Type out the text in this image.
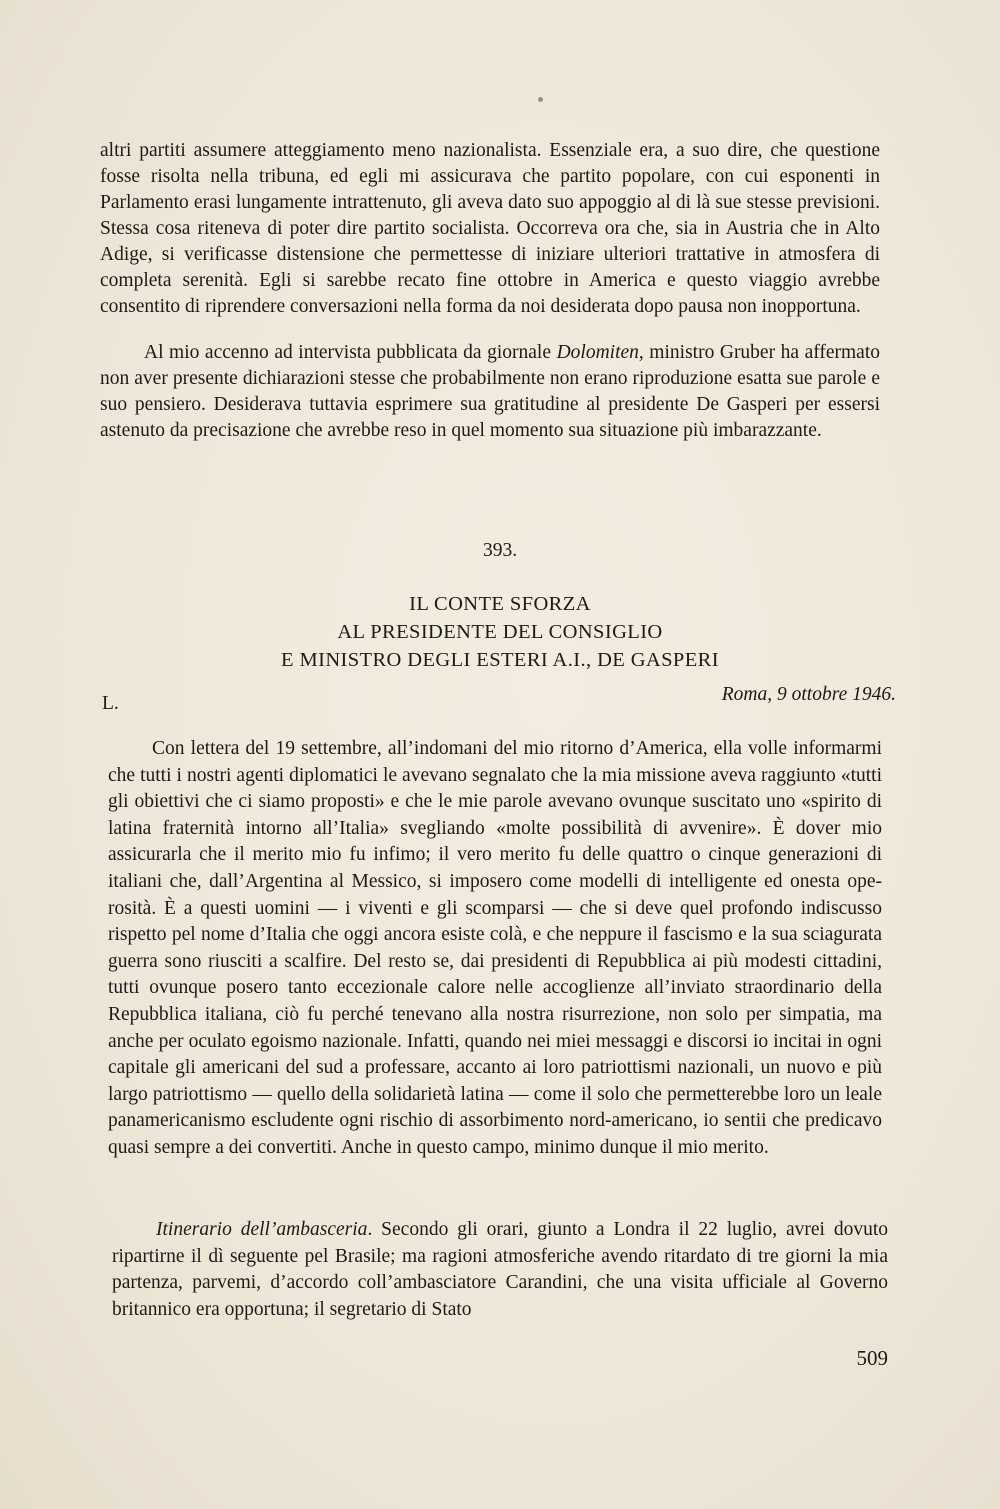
altri partiti assumere atteggiamento meno nazionalista. Essenziale era, a suo dire, che questione fosse risolta nella tribuna, ed egli mi assicurava che partito popolare, con cui esponenti in Parlamento erasi lungamente intrattenuto, gli aveva dato suo appoggio al di là sue stesse previsioni. Stessa cosa riteneva di poter dire partito socialista. Occorreva ora che, sia in Austria che in Alto Adige, si verificasse distensione che permettesse di iniziare ulteriori trattative in atmosfera di completa serenità. Egli si sarebbe recato fine ottobre in America e questo viaggio avrebbe consentito di riprendere conversazioni nella forma da noi desiderata dopo pausa non inopportuna.

Al mio accenno ad intervista pubblicata da giornale Dolomiten, ministro Gruber ha affermato non aver presente dichiarazioni stesse che probabilmente non erano riproduzione esatta sue parole e suo pensiero. Desiderava tuttavia esprimere sua gratitudine al presidente De Gasperi per essersi astenuto da precisazione che avrebbe reso in quel momento sua situazione più imbarazzante.

393.
IL CONTE SFORZA
AL PRESIDENTE DEL CONSIGLIO
E MINISTRO DEGLI ESTERI A.I., DE GASPERI
L.	Roma, 9 ottobre 1946.

Con lettera del 19 settembre, all’indomani del mio ritorno d’America, ella volle informarmi che tutti i nostri agenti diplomatici le avevano segnalato che la mia missione aveva raggiunto «tutti gli obiettivi che ci siamo proposti» e che le mie parole avevano ovunque suscitato uno «spirito di latina fraternità intorno all’Italia» svegliando «molte possibilità di avvenire». È dover mio assicurarla che il merito mio fu infimo; il vero merito fu delle quattro o cinque generazioni di italiani che, dall’Argentina al Messico, si imposero come modelli di intelligente ed onesta operosità. È a questi uomini — i viventi e gli scomparsi — che si deve quel profondo indiscusso rispetto pel nome d’Italia che oggi ancora esiste colà, e che neppure il fascismo e la sua sciagurata guerra sono riusciti a scalfire. Del resto se, dai presidenti di Repubblica ai più modesti cittadini, tutti ovunque posero tanto eccezionale calore nelle accoglienze all’inviato straordinario della Repubblica italiana, ciò fu perché tenevano alla nostra risurrezione, non solo per simpatia, ma anche per oculato egoismo nazionale. Infatti, quando nei miei messaggi e discorsi io incitai in ogni capitale gli americani del sud a professare, accanto ai loro patriottismi nazionali, un nuovo e più largo patriottismo — quello della solidarietà latina — come il solo che permetterebbe loro un leale panamericanismo escludente ogni rischio di assorbimento nord-americano, io sentii che predicavo quasi sempre a dei convertiti. Anche in questo campo, minimo dunque il mio merito.

Itinerario dell’ambasceria. Secondo gli orari, giunto a Londra il 22 luglio, avrei dovuto ripartirne il dì seguente pel Brasile; ma ragioni atmosferiche avendo ritardato di tre giorni la mia partenza, parvemi, d’accordo coll’ambasciatore Carandini, che una visita ufficiale al Governo britannico era opportuna; il segretario di Stato

509
